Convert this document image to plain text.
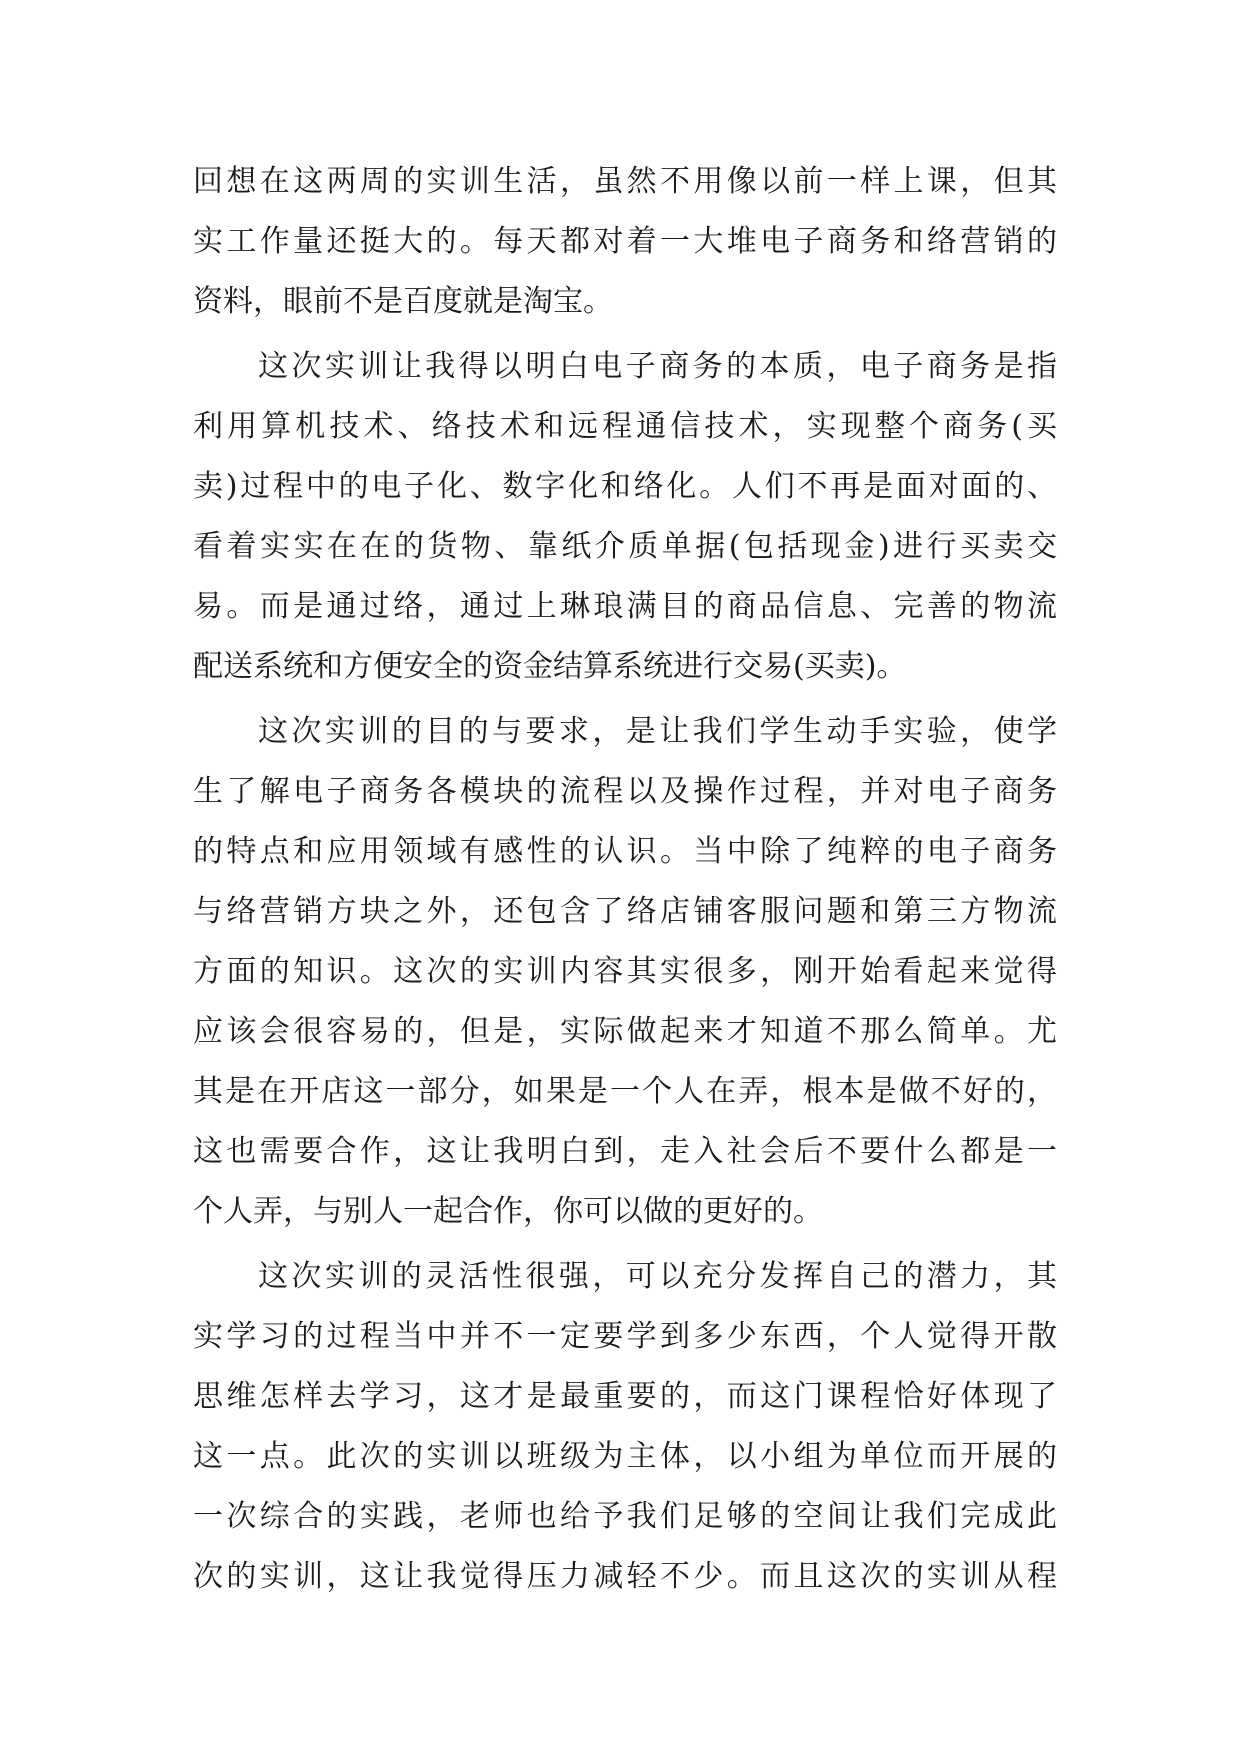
回想在这两周的实训生活，虽然不用像以前一样上课，但其
实工作量还挺大的。每天都对着一大堆电子商务和络营销的
资料，眼前不是百度就是淘宝。
这次实训让我得以明白电子商务的本质，电子商务是指
利用算机技术、络技术和远程通信技术，实现整个商务(买
卖)过程中的电子化、数字化和络化。人们不再是面对面的、
看着实实在在的货物、靠纸介质单据(包括现金)进行买卖交
易。而是通过络，通过上琳琅满目的商品信息、完善的物流
配送系统和方便安全的资金结算系统进行交易(买卖)。
这次实训的目的与要求，是让我们学生动手实验，使学
生了解电子商务各模块的流程以及操作过程，并对电子商务
的特点和应用领域有感性的认识。当中除了纯粹的电子商务
与络营销方块之外，还包含了络店铺客服问题和第三方物流
方面的知识。这次的实训内容其实很多，刚开始看起来觉得
应该会很容易的，但是，实际做起来才知道不那么简单。尤
其是在开店这一部分，如果是一个人在弄，根本是做不好的，
这也需要合作，这让我明白到，走入社会后不要什么都是一
个人弄，与别人一起合作，你可以做的更好的。
这次实训的灵活性很强，可以充分发挥自己的潜力，其
实学习的过程当中并不一定要学到多少东西，个人觉得开散
思维怎样去学习，这才是最重要的，而这门课程恰好体现了
这一点。此次的实训以班级为主体，以小组为单位而开展的
一次综合的实践，老师也给予我们足够的空间让我们完成此
次的实训，这让我觉得压力减轻不少。而且这次的实训从程
